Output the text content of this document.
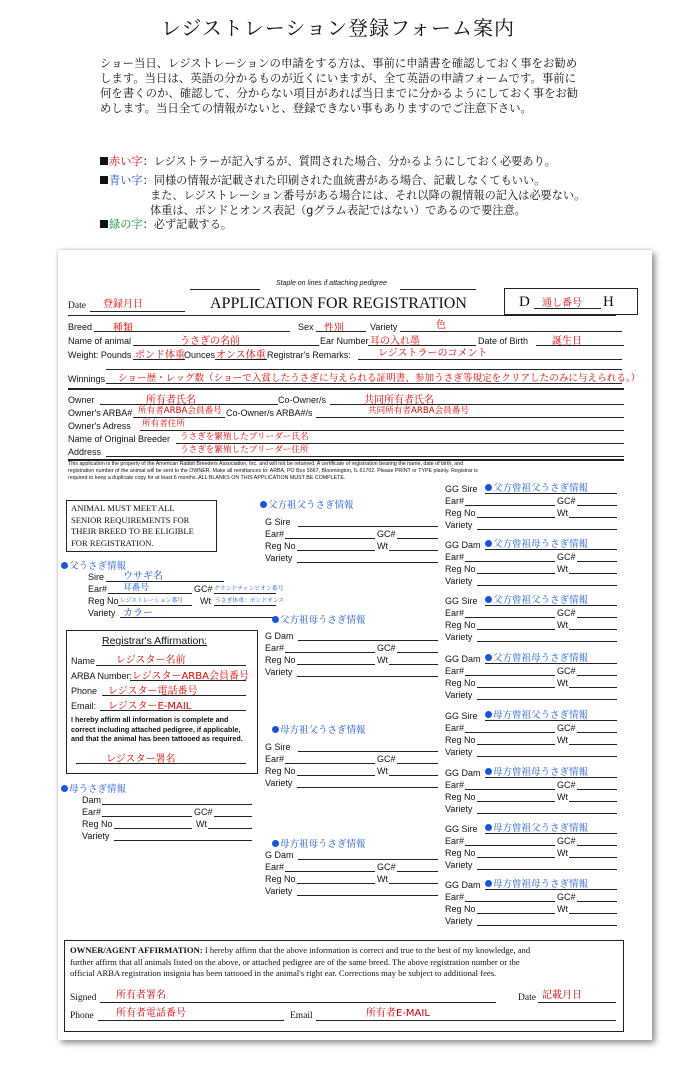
レジストレーション登録フォーム案内
ショー当日、レジストレーションの申請をする方は、事前に申請書を確認しておく事をお勧め
します。当日は、英語の分かるものが近くにいますが、全て英語の申請フォームです。事前に
何を書くのか、確認して、分からない項目があれば当日までに分かるようにしておく事をお勧
めします。当日全ての情報がないと、登録できない事もありますのでご注意下さい。
赤い字：レジストラーが記入するが、質問された場合、分かるようにしておく必要あり。
青い字：同様の情報が記載された印刷された血統書がある場合、記載しなくてもいい。
また、レジストレーション番号がある場合には、それ以降の親情報の記入は必要ない。
体重は、ポンドとオンス表記（gグラム表記ではない）であるので要注意。
緑の字：必ず記載する。
Staple on lines if attaching pedigree
Date 登録月日	APPLICATION FOR REGISTRATION	D 通し番号 H
Breed 種類	Sex 性別	Variety	色
Name of animal	うさぎの名前	Ear Number 耳の入れ墨	Date of Birth 誕生日
Weight: Pounds ポンド体重 Ounces オンス体重 Registrar's Remarks:	レジストラーのコメント
Winnings ショー歴・レッグ数（ショーで入賞したうさぎに与えられる証明書、参加うさぎ等規定をクリアしたのみに与えられる。）
Owner	所有者氏名	Co-Owner/s	共同所有者氏名
Owner's ARBA# 所有者ARBA会員番号 Co-Owner/s ARBA#/s	共同所有者ARBA会員番号
Owner's Adress 所有者住所
Name of Original Breeder うさぎを繁殖したブリーダー氏名
Address	うさぎを繁殖したブリーダー住所
This application is the property of the American Rabbit Breeders Association, Inc. and will not be returned. A certificate of registration bearing the name, date of birth, and
registration number of the animal will be sent to the OWNER. Make all remittances to: ARBA, PO Box 5667, Bloomington, IL 61702. Please PRINT or TYPE plainly. Registrar is
required to keep a duplicate copy for at least 6 months. ALL BLANKS ON THIS APPLICATION MUST BE COMPLETE.
ANIMAL MUST MEET ALL
SENIOR REQUIREMENTS FOR
THEIR BREED TO BE ELIGIBLE
FOR REGISTRATION.
父うさぎ情報
Sire ウサギ名
Ear# 耳番号	GC# グランドチャンピオン番号
Reg No レジストレーション番号 Wt うさぎ体重：ポンドオンス
Variety カラー
Registrar's Affirmation:
Name レジスター名前
ARBA Number: レジスターARBA会員番号
Phone レジスター電話番号
Email: レジスターE-MAIL
I hereby affirm all information is complete and
correct including attached pedigree, if applicable,
and that the animal has been tattooed as required.
レジスター署名
母うさぎ情報
Dam
Ear#	GC#
Reg No	Wt
Variety
父方祖父うさぎ情報
G Sire
Ear#	GC#
Reg No	Wt
Variety
父方祖母うさぎ情報
G Dam
Ear#	GC#
Reg No	Wt
Variety
母方祖父うさぎ情報
G Sire
Ear#	GC#
Reg No	Wt
Variety
母方祖母うさぎ情報
G Dam
Ear#	GC#
Reg No	Wt
Variety
GG Sire	父方曾祖父うさぎ情報
Ear#	GC#
Reg No	Wt
Variety
GG Dam	父方曾祖母うさぎ情報
Ear#	GC#
Reg No	Wt
Variety
GG Sire	父方曾祖父うさぎ情報
Ear#	GC#
Reg No	Wt
Variety
GG Dam	父方曾祖母うさぎ情報
Ear#	GC#
Reg No	Wt
Variety
GG Sire	母方曾祖父うさぎ情報
Ear#	GC#
Reg No	Wt
Variety
GG Dam	母方曾祖母うさぎ情報
Ear#	GC#
Reg No	Wt
Variety
GG Sire	母方曾祖父うさぎ情報
Ear#	GC#
Reg No	Wt
Variety
GG Dam	母方曾祖母うさぎ情報
Ear#	GC#
Reg No	Wt
Variety
OWNER/AGENT AFFIRMATION: I hereby affirm that the above information is correct and true to the best of my knowledge, and
further affirm that all animals listed on the above, or attached pedigree are of the same breed. The above registration number or the
official ARBA registration insignia has been tattooed in the animal's right ear. Corrections may be subject to additional fees.
Signed 所有者署名	Date 記載月日
Phone 所有者電話番号	Email	所有者E-MAIL
